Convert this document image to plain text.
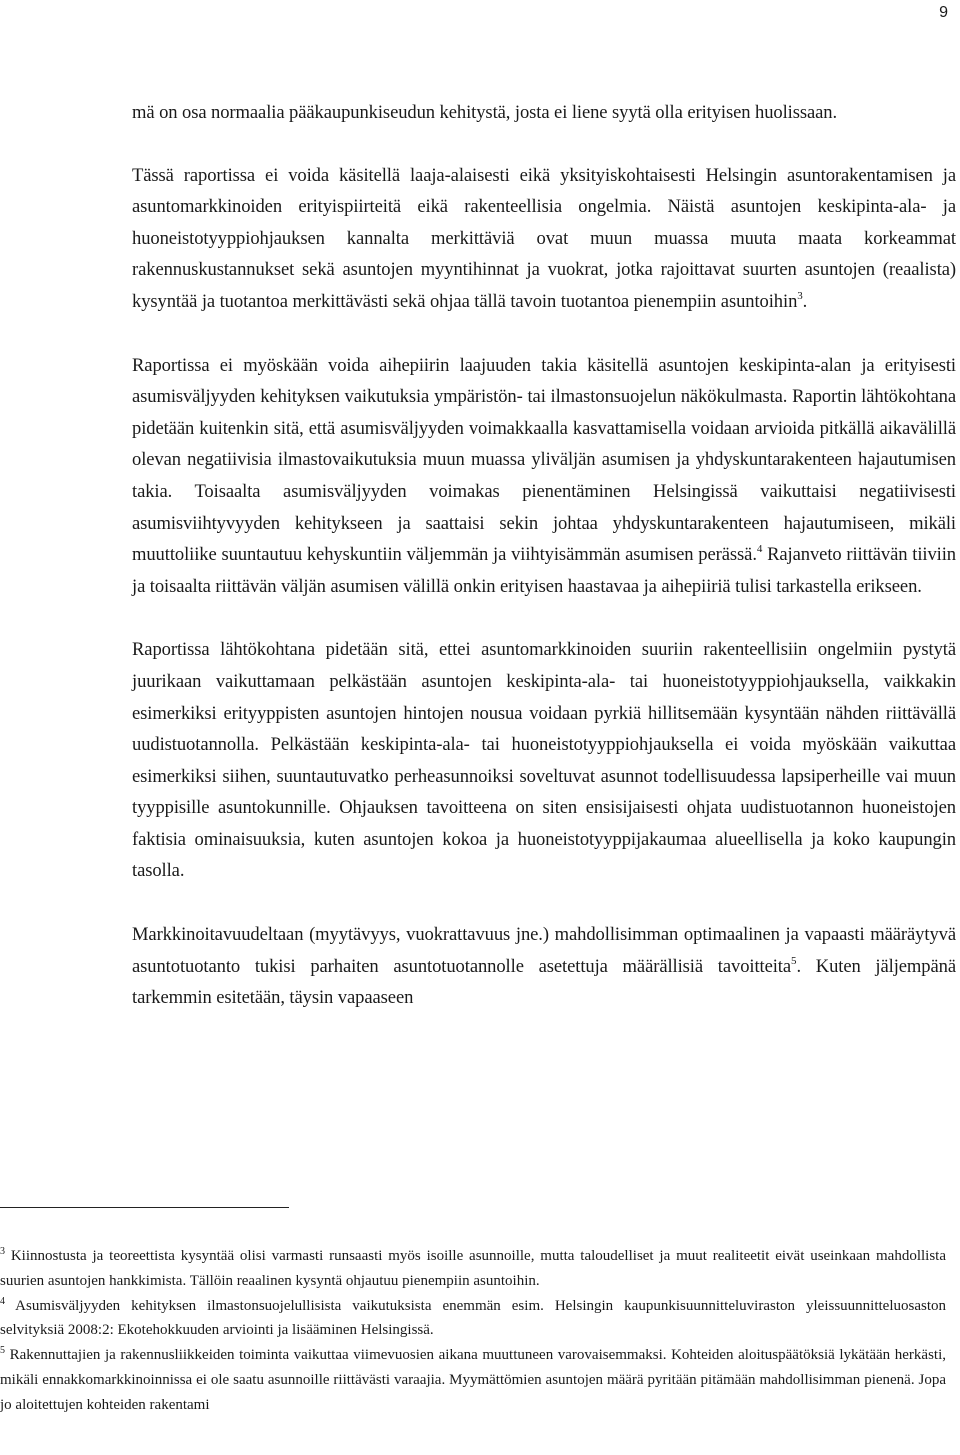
9

mä on osa normaalia pääkaupunkiseudun kehitystä, josta ei liene syytä olla erityisen huolissaan.

Tässä raportissa ei voida käsitellä laaja-alaisesti eikä yksityiskohtaisesti Helsingin asuntorakentamisen ja asuntomarkkinoiden erityispiirteitä eikä rakenteellisia ongelmia. Näistä asuntojen keskipinta-ala- ja huoneistotyyppiohjauksen kannalta merkittäviä ovat muun muassa muuta maata korkeammat rakennuskustannukset sekä asuntojen myyntihinnat ja vuokrat, jotka rajoittavat suurten asuntojen (reaalista) kysyntää ja tuotantoa merkittävästi sekä ohjaa tällä tavoin tuotantoa pienempiin asuntoihin$^3$.

Raportissa ei myöskään voida aihepiirin laajuuden takia käsitellä asuntojen keskipinta-alan ja erityisesti asumisväljyyden kehityksen vaikutuksia ympäristön- tai ilmastonsuojelun näkökulmasta. Raportin lähtökohtana pidetään kuitenkin sitä, että asumisväljyyden voimakkaalla kasvattamisella voidaan arvioida pitkällä aikavälillä olevan negatiivisia ilmastovaikutuksia muun muassa yliväljän asumisen ja yhdyskuntarakenteen hajautumisen takia. Toisaalta asumisväljyyden voimakas pienentäminen Helsingissä vaikuttaisi negatiivisesti asumisviihtyvyyden kehitykseen ja saattaisi sekin johtaa yhdyskuntarakenteen hajautumiseen, mikäli muuttoliike suuntautuu kehyskuntiin väljemmän ja viihtyisämmän asumisen perässä.$^4$ Rajanveto riittävän tiiviin ja toisaalta riittävän väljän asumisen välillä onkin erityisen haastavaa ja aihepiiriä tulisi tarkastella erikseen.

Raportissa lähtökohtana pidetään sitä, ettei asuntomarkkinoiden suuriin rakenteellisiin ongelmiin pystytä juurikaan vaikuttamaan pelkästään asuntojen keskipinta-ala- tai huoneistotyyppiohjauksella, vaikkakin esimerkiksi erityyppisten asuntojen hintojen nousua voidaan pyrkiä hillitsemään kysyntään nähden riittävällä uudistuotannolla. Pelkästään keskipinta-ala- tai huoneistotyyppiohjauksella ei voida myöskään vaikuttaa esimerkiksi siihen, suuntautuvatko perheasunnoiksi soveltuvat asunnot todellisuudessa lapsiperheille vai muun tyyppisille asuntokunnille. Ohjauksen tavoitteena on siten ensisijaisesti ohjata uudistuotannon huoneistojen faktisia ominaisuuksia, kuten asuntojen kokoa ja huoneistotyyppijakaumaa alueellisella ja koko kaupungin tasolla.

Markkinoitavuudeltaan (myytävyys, vuokrattavuus jne.) mahdollisimman optimaalinen ja vapaasti määräytyvä asuntotuotanto tukisi parhaiten asuntotuotannolle asetettuja määrällisiä tavoitteita$^5$. Kuten jäljempänä tarkemmin esitetään, täysin vapaaseen

$^3$ Kiinnostusta ja teoreettista kysyntää olisi varmasti runsaasti myös isoille asunnoille, mutta taloudelliset ja muut realiteetit eivät useinkaan mahdollista suurien asuntojen hankkimista. Tällöin reaalinen kysyntä ohjautuu pienempiin asuntoihin.

$^4$ Asumisväljyyden kehityksen ilmastonsuojelullisista vaikutuksista enemmän esim. Helsingin kaupunkisuunnitteluviraston yleissuunnitteluosaston selvityksiä 2008:2: Ekotehokkuuden arviointi ja lisääminen Helsingissä.

$^5$ Rakennuttajien ja rakennusliikkeiden toiminta vaikuttaa viimevuosien aikana muuttuneen varovaisemmaksi. Kohteiden aloituspäätöksiä lykätään herkästi, mikäli ennakkomarkkinoinnissa ei ole saatu asunnoille riittävästi varaajia. Myymättömien asuntojen määrä pyritään pitämään mahdollisimman pienenä. Jopa jo aloitettujen kohteiden rakentami
